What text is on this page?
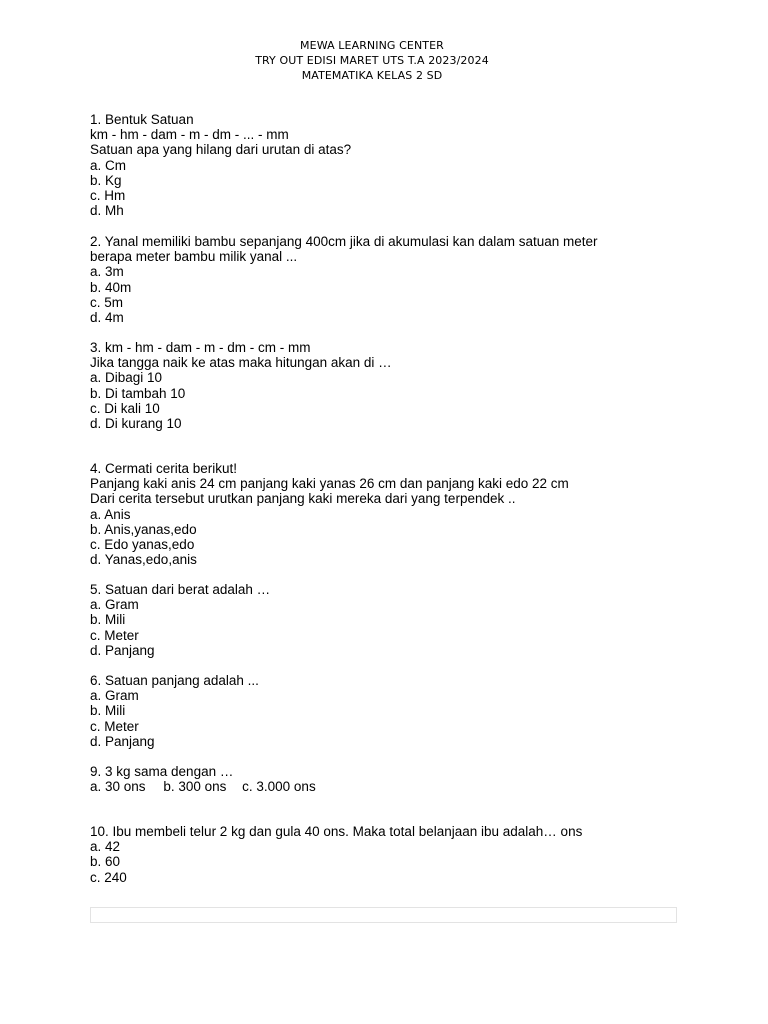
MEWA LEARNING CENTER
TRY OUT EDISI MARET UTS T.A 2023/2024
MATEMATIKA KELAS 2 SD
1. Bentuk Satuan
km - hm - dam - m - dm - ... - mm
Satuan apa yang hilang dari urutan di atas?
a. Cm
b. Kg
c. Hm
d. Mh
2. Yanal memiliki bambu sepanjang 400cm jika di akumulasi kan dalam satuan meter
berapa meter bambu milik yanal ...
a. 3m
b. 40m
c. 5m
d. 4m
3. km - hm - dam - m - dm - cm - mm
Jika tangga naik ke atas maka hitungan akan di …
a. Dibagi 10
b. Di tambah 10
c. Di kali 10
d. Di kurang 10
4. Cermati cerita berikut!
Panjang kaki anis 24 cm panjang kaki yanas 26 cm dan panjang kaki edo 22 cm
Dari cerita tersebut urutkan panjang kaki mereka dari yang terpendek ..
a. Anis
b. Anis,yanas,edo
c. Edo yanas,edo
d. Yanas,edo,anis
5. Satuan dari berat adalah …
a. Gram
b. Mili
c. Meter
d. Panjang
6. Satuan panjang adalah ...
a. Gram
b. Mili
c. Meter
d. Panjang
9. 3 kg sama dengan …
a. 30 ons b. 300 ons c. 3.000 ons
10. Ibu membeli telur 2 kg dan gula 40 ons. Maka total belanjaan ibu adalah… ons
a. 42
b. 60
c. 240
